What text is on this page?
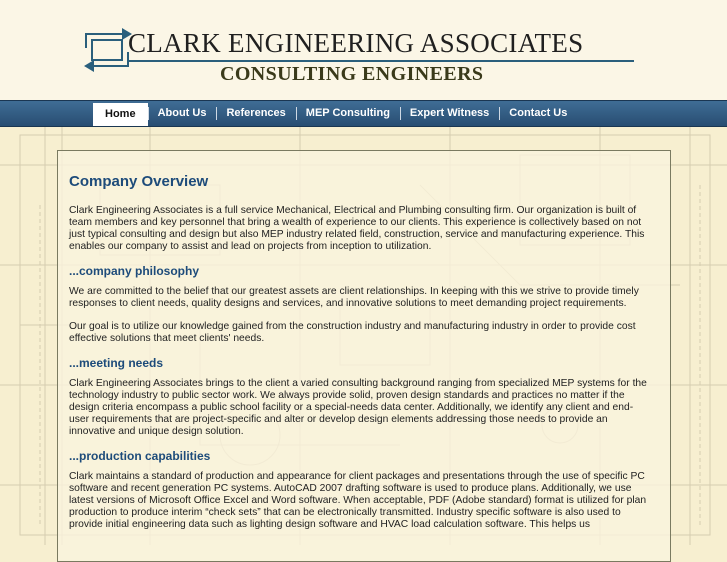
CLARK ENGINEERING ASSOCIATES
CONSULTING ENGINEERS
Home	About Us	References	MEP Consulting	Expert Witness	Contact Us
Company Overview

Clark Engineering Associates is a full service Mechanical, Electrical and Plumbing consulting firm. Our organization is built of team members and key personnel that bring a wealth of experience to our clients. This experience is collectively based on not just typical consulting and design but also MEP industry related field, construction, service and manufacturing experience. This enables our company to assist and lead on projects from inception to utilization.

...company philosophy

We are committed to the belief that our greatest assets are client relationships. In keeping with this we strive to provide timely responses to client needs, quality designs and services, and innovative solutions to meet demanding project requirements.

Our goal is to utilize our knowledge gained from the construction industry and manufacturing industry in order to provide cost effective solutions that meet clients' needs.

...meeting needs

Clark Engineering Associates brings to the client a varied consulting background ranging from specialized MEP systems for the technology industry to public sector work. We always provide solid, proven design standards and practices no matter if the design criteria encompass a public school facility or a special-needs data center. Additionally, we identify any client and end-user requirements that are project-specific and alter or develop design elements addressing those needs to provide an innovative and unique design solution.

...production capabilities

Clark maintains a standard of production and appearance for client packages and presentations through the use of specific PC software and recent generation PC systems. AutoCAD 2007 drafting software is used to produce plans. Additionally, we use latest versions of Microsoft Office Excel and Word software. When acceptable, PDF (Adobe standard) format is utilized for plan production to produce interim “check sets” that can be electronically transmitted. Industry specific software is also used to provide initial engineering data such as lighting design software and HVAC load calculation software. This helps us
